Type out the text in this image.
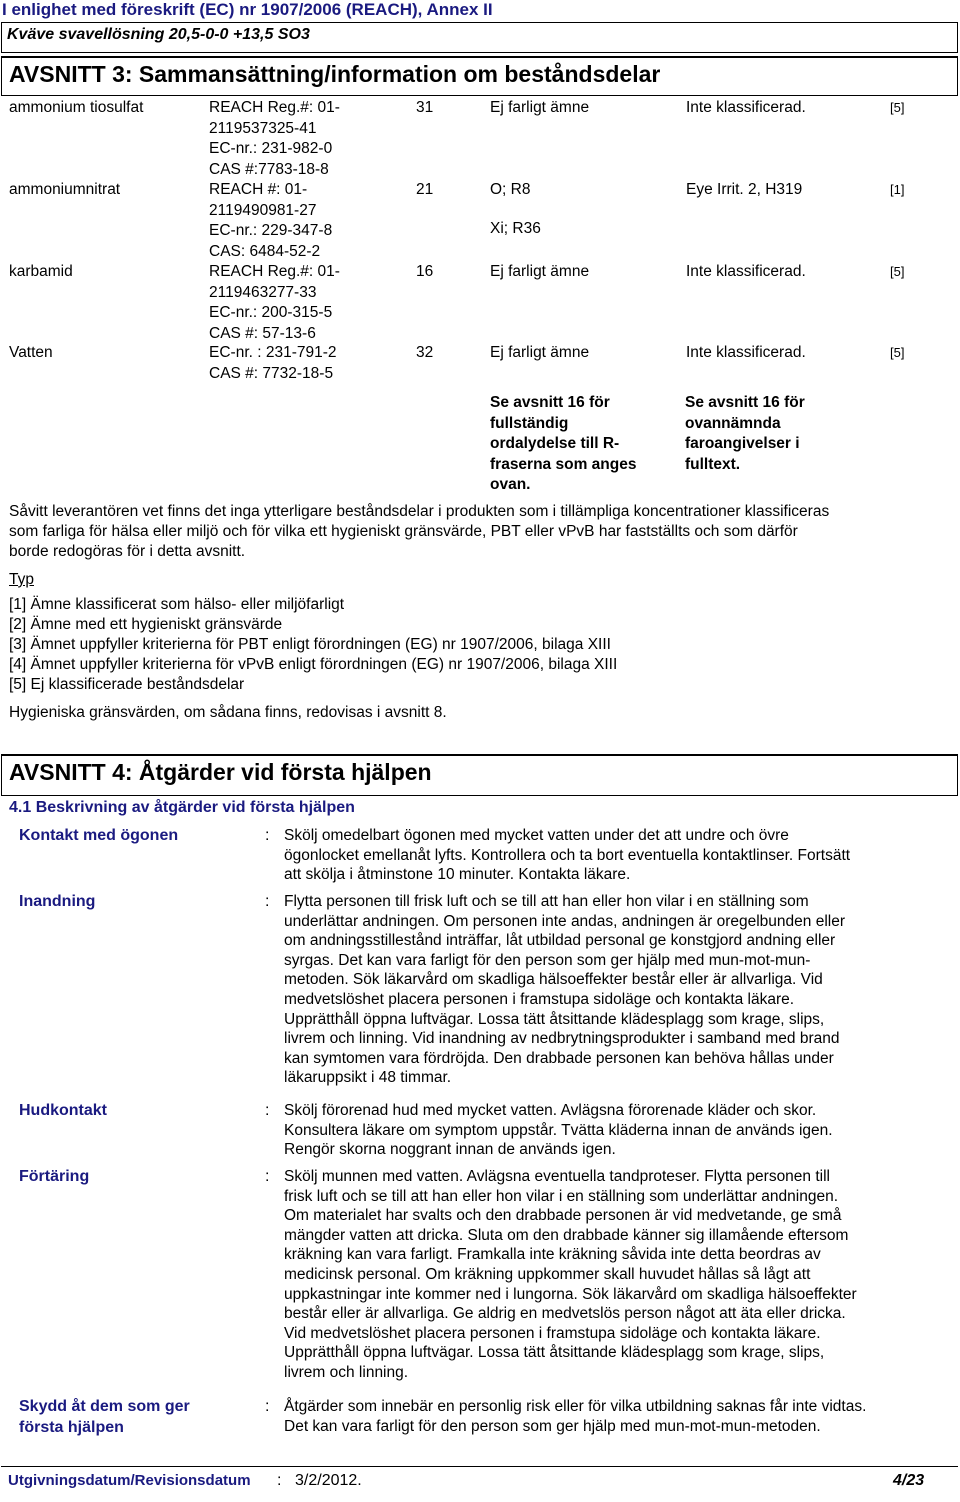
I enlighet med föreskrift (EC) nr 1907/2006 (REACH), Annex II
Kväve svavellösning 20,5-0-0 +13,5 SO3
AVSNITT 3: Sammansättning/information om beståndsdelar
ammonium tiosulfat	REACH Reg.#: 01-
2119537325-41
EC-nr.: 231-982-0
CAS #:7783-18-8
31	Ej farligt ämne	Inte klassificerad.	[5]
ammoniumnitrat	REACH #: 01-
2119490981-27
EC-nr.: 229-347-8
CAS: 6484-52-2
21	O; R8
Xi; R36
Eye Irrit. 2, H319	[1]
karbamid	REACH Reg.#: 01-
2119463277-33
EC-nr.: 200-315-5
CAS #: 57-13-6
16	Ej farligt ämne	Inte klassificerad.	[5]
Vatten	EC-nr. : 231-791-2
CAS #: 7732-18-5
32	Ej farligt ämne	Inte klassificerad.	[5]
Se avsnitt 16 för
fullständig
ordalydelse till R-
fraserna som anges
ovan.
Se avsnitt 16 för
ovannämnda
faroangivelser i
fulltext.
Såvitt leverantören vet finns det inga ytterligare beståndsdelar i produkten som i tillämpliga koncentrationer klassificeras
som farliga för hälsa eller miljö och för vilka ett hygieniskt gränsvärde, PBT eller vPvB har fastställts och som därför
borde redogöras för i detta avsnitt.
Typ
[1] Ämne klassificerat som hälso- eller miljöfarligt
[2] Ämne med ett hygieniskt gränsvärde
[3] Ämnet uppfyller kriterierna för PBT enligt förordningen (EG) nr 1907/2006, bilaga XIII
[4] Ämnet uppfyller kriterierna för vPvB enligt förordningen (EG) nr 1907/2006, bilaga XIII
[5] Ej klassificerade beståndsdelar
Hygieniska gränsvärden, om sådana finns, redovisas i avsnitt 8.
AVSNITT 4: Åtgärder vid första hjälpen
4.1 Beskrivning av åtgärder vid första hjälpen
Kontakt med ögonen	: Skölj omedelbart ögonen med mycket vatten under det att undre och övre
ögonlocket emellanåt lyfts. Kontrollera och ta bort eventuella kontaktlinser. Fortsätt
att skölja i åtminstone 10 minuter. Kontakta läkare.
Inandning	: Flytta personen till frisk luft och se till att han eller hon vilar i en ställning som
underlättar andningen. Om personen inte andas, andningen är oregelbunden eller
om andningsstillestånd inträffar, låt utbildad personal ge konstgjord andning eller
syrgas. Det kan vara farligt för den person som ger hjälp med mun-mot-mun-
metoden. Sök läkarvård om skadliga hälsoeffekter består eller är allvarliga. Vid
medvetslöshet placera personen i framstupa sidoläge och kontakta läkare.
Upprätthåll öppna luftvägar. Lossa tätt åtsittande klädesplagg som krage, slips,
livrem och linning. Vid inandning av nedbrytningsprodukter i samband med brand
kan symtomen vara fördröjda. Den drabbade personen kan behöva hållas under
läkaruppsikt i 48 timmar.
Hudkontakt	: Skölj förorenad hud med mycket vatten. Avlägsna förorenade kläder och skor.
Konsultera läkare om symptom uppstår. Tvätta kläderna innan de används igen.
Rengör skorna noggrant innan de används igen.
Förtäring	: Skölj munnen med vatten. Avlägsna eventuella tandproteser. Flytta personen till
frisk luft och se till att han eller hon vilar i en ställning som underlättar andningen.
Om materialet har svalts och den drabbade personen är vid medvetande, ge små
mängder vatten att dricka. Sluta om den drabbade känner sig illamående eftersom
kräkning kan vara farligt. Framkalla inte kräkning såvida inte detta beordras av
medicinsk personal. Om kräkning uppkommer skall huvudet hållas så lågt att
uppkastningar inte kommer ned i lungorna. Sök läkarvård om skadliga hälsoeffekter
består eller är allvarliga. Ge aldrig en medvetslös person något att äta eller dricka.
Vid medvetslöshet placera personen i framstupa sidoläge och kontakta läkare.
Upprätthåll öppna luftvägar. Lossa tätt åtsittande klädesplagg som krage, slips,
livrem och linning.
Skydd åt dem som ger
första hjälpen
: Åtgärder som innebär en personlig risk eller för vilka utbildning saknas får inte vidtas.
Det kan vara farligt för den person som ger hjälp med mun-mot-mun-metoden.
Utgivningsdatum/Revisionsdatum : 3/2/2012.	4/23
